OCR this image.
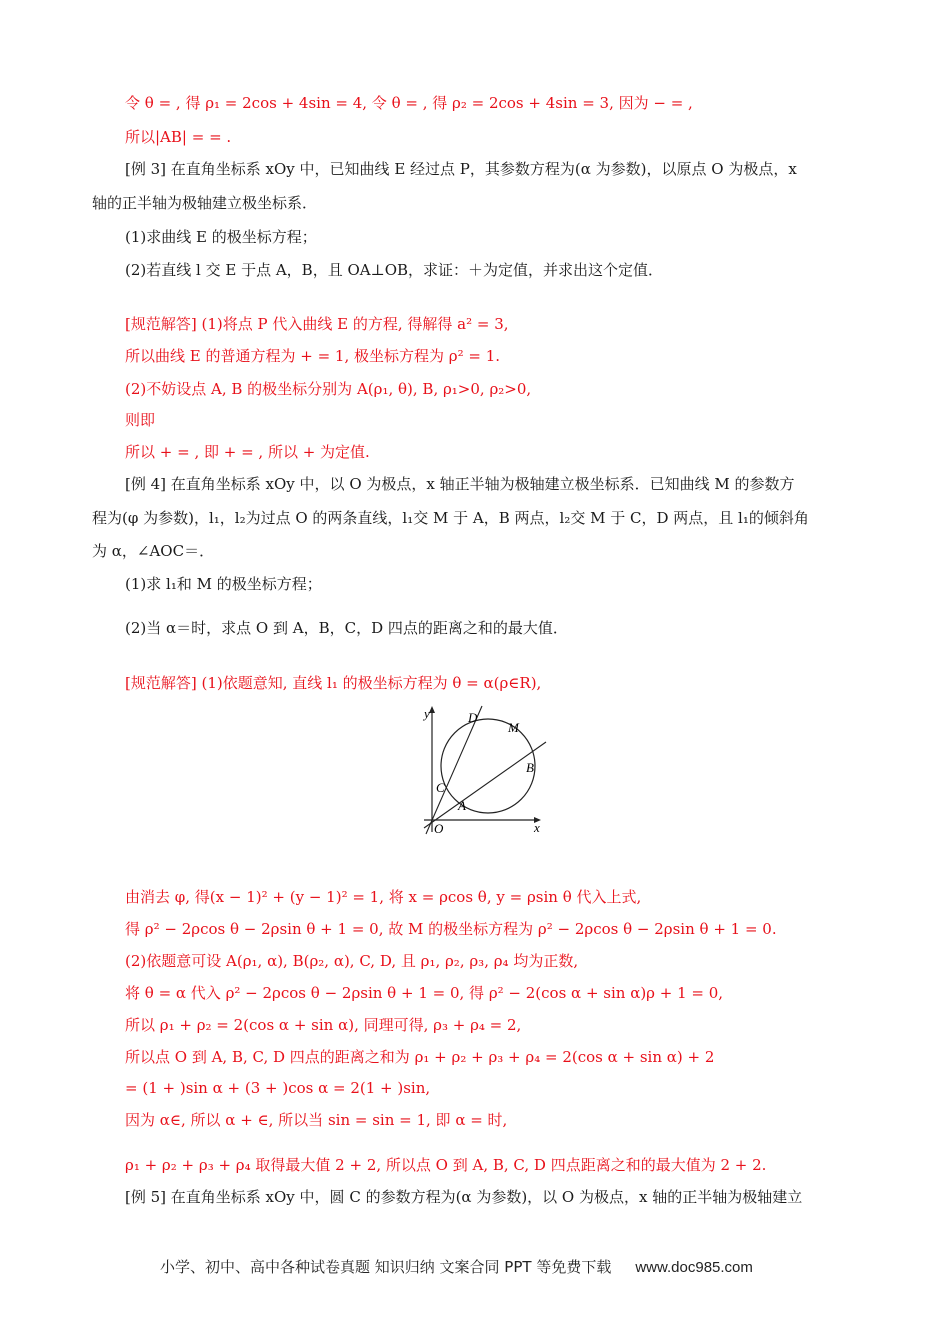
令 θ = , 得 ρ₁ = 2cos + 4sin = 4, 令 θ = , 得 ρ₂ = 2cos + 4sin = 3, 因为 − = ,
所以|AB| = = .
[例 3] 在直角坐标系 xOy 中，已知曲线 E 经过点 P，其参数方程为(α 为参数)，以原点 O 为极点，x
轴的正半轴为极轴建立极坐标系．
(1)求曲线 E 的极坐标方程；
(2)若直线 l 交 E 于点 A，B，且 OA⊥OB，求证：＋为定值，并求出这个定值．
[规范解答] (1)将点 P 代入曲线 E 的方程, 得解得 a² = 3,
所以曲线 E 的普通方程为 + = 1, 极坐标方程为 ρ² = 1.
(2)不妨设点 A, B 的极坐标分别为 A(ρ₁, θ), B, ρ₁>0, ρ₂>0,
则即
所以 + = , 即 + = , 所以 + 为定值.
[例 4] 在直角坐标系 xOy 中，以 O 为极点，x 轴正半轴为极轴建立极坐标系．已知曲线 M 的参数方
程为(φ 为参数)，l₁，l₂为过点 O 的两条直线，l₁交 M 于 A，B 两点，l₂交 M 于 C，D 两点，且 l₁的倾斜角
为 α，∠AOC＝．
(1)求 l₁和 M 的极坐标方程；
(2)当 α＝时，求点 O 到 A，B，C，D 四点的距离之和的最大值．
[规范解答] (1)依题意知, 直线 l₁ 的极坐标方程为 θ = α(ρ∈R),
y
x
O
A
B
C
D
M
由消去 φ, 得(x − 1)² + (y − 1)² = 1, 将 x = ρcos θ, y = ρsin θ 代入上式,
得 ρ² − 2ρcos θ − 2ρsin θ + 1 = 0, 故 M 的极坐标方程为 ρ² − 2ρcos θ − 2ρsin θ + 1 = 0.
(2)依题意可设 A(ρ₁, α), B(ρ₂, α), C, D, 且 ρ₁, ρ₂, ρ₃, ρ₄ 均为正数,
将 θ = α 代入 ρ² − 2ρcos θ − 2ρsin θ + 1 = 0, 得 ρ² − 2(cos α + sin α)ρ + 1 = 0,
所以 ρ₁ + ρ₂ = 2(cos α + sin α), 同理可得, ρ₃ + ρ₄ = 2,
所以点 O 到 A, B, C, D 四点的距离之和为 ρ₁ + ρ₂ + ρ₃ + ρ₄ = 2(cos α + sin α) + 2
= (1 + )sin α + (3 + )cos α = 2(1 + )sin,
因为 α∈, 所以 α + ∈, 所以当 sin = sin = 1, 即 α = 时,
ρ₁ + ρ₂ + ρ₃ + ρ₄ 取得最大值 2 + 2, 所以点 O 到 A, B, C, D 四点距离之和的最大值为 2 + 2.
[例 5] 在直角坐标系 xOy 中，圆 C 的参数方程为(α 为参数)，以 O 为极点，x 轴的正半轴为极轴建立
小学、初中、高中各种试卷真题 知识归纳 文案合同 PPT 等免费下载 www.doc985.com
